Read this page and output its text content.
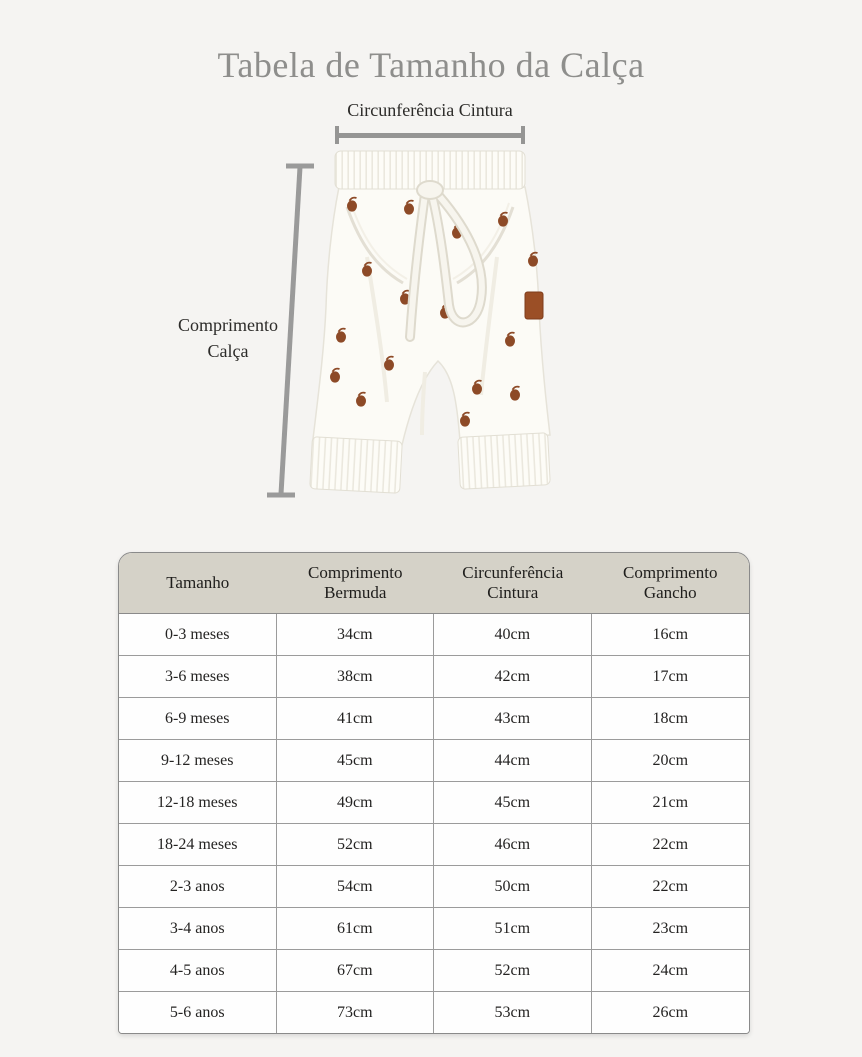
Tabela de Tamanho da Calça
Circunferência Cintura
Comprimento
Calça
Tamanho	Comprimento Bermuda	Circunferência Cintura	Comprimento Gancho
0-3 meses	34cm	40cm	16cm
3-6 meses	38cm	42cm	17cm
6-9 meses	41cm	43cm	18cm
9-12 meses	45cm	44cm	20cm
12-18 meses	49cm	45cm	21cm
18-24 meses	52cm	46cm	22cm
2-3 anos	54cm	50cm	22cm
3-4 anos	61cm	51cm	23cm
4-5 anos	67cm	52cm	24cm
5-6 anos	73cm	53cm	26cm
